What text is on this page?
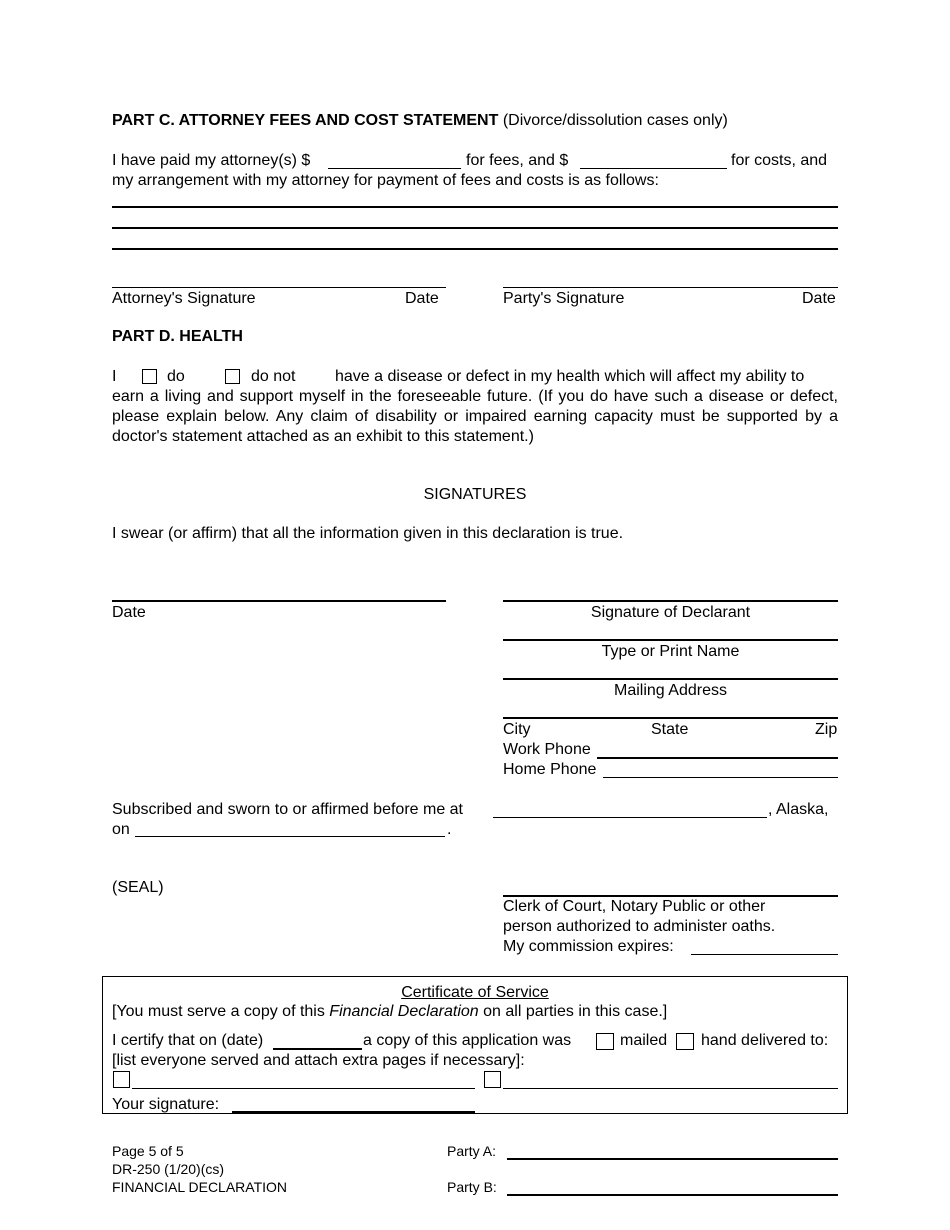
PART C. ATTORNEY FEES AND COST STATEMENT (Divorce/dissolution cases only)
I have paid my attorney(s) $	for fees, and $	for costs, and
my arrangement with my attorney for payment of fees and costs is as follows:
Attorney's Signature	Date	Party's Signature	Date
PART D. HEALTH
I	do	do not have a disease or defect in my health which will affect my ability to
earn a living and support myself in the foreseeable future. (If you do have such a disease or defect, please explain below. Any claim of disability or impaired earning capacity must be supported by a doctor's statement attached as an exhibit to this statement.)
SIGNATURES
I swear (or affirm) that all the information given in this declaration is true.
Date	Signature of Declarant
Type or Print Name
Mailing Address
City	State	Zip
Work Phone
Home Phone
Subscribed and sworn to or affirmed before me at	, Alaska,
on	.
(SEAL)
Clerk of Court, Notary Public or other
person authorized to administer oaths.
My commission expires:
Certificate of Service
[You must serve a copy of this Financial Declaration on all parties in this case.]
I certify that on (date)	a copy of this application was	mailed hand delivered to:
[list everyone served and attach extra pages if necessary]:
Your signature:
Page 5 of 5
DR-250 (1/20)(cs)
FINANCIAL DECLARATION
Party A:
Party B:
